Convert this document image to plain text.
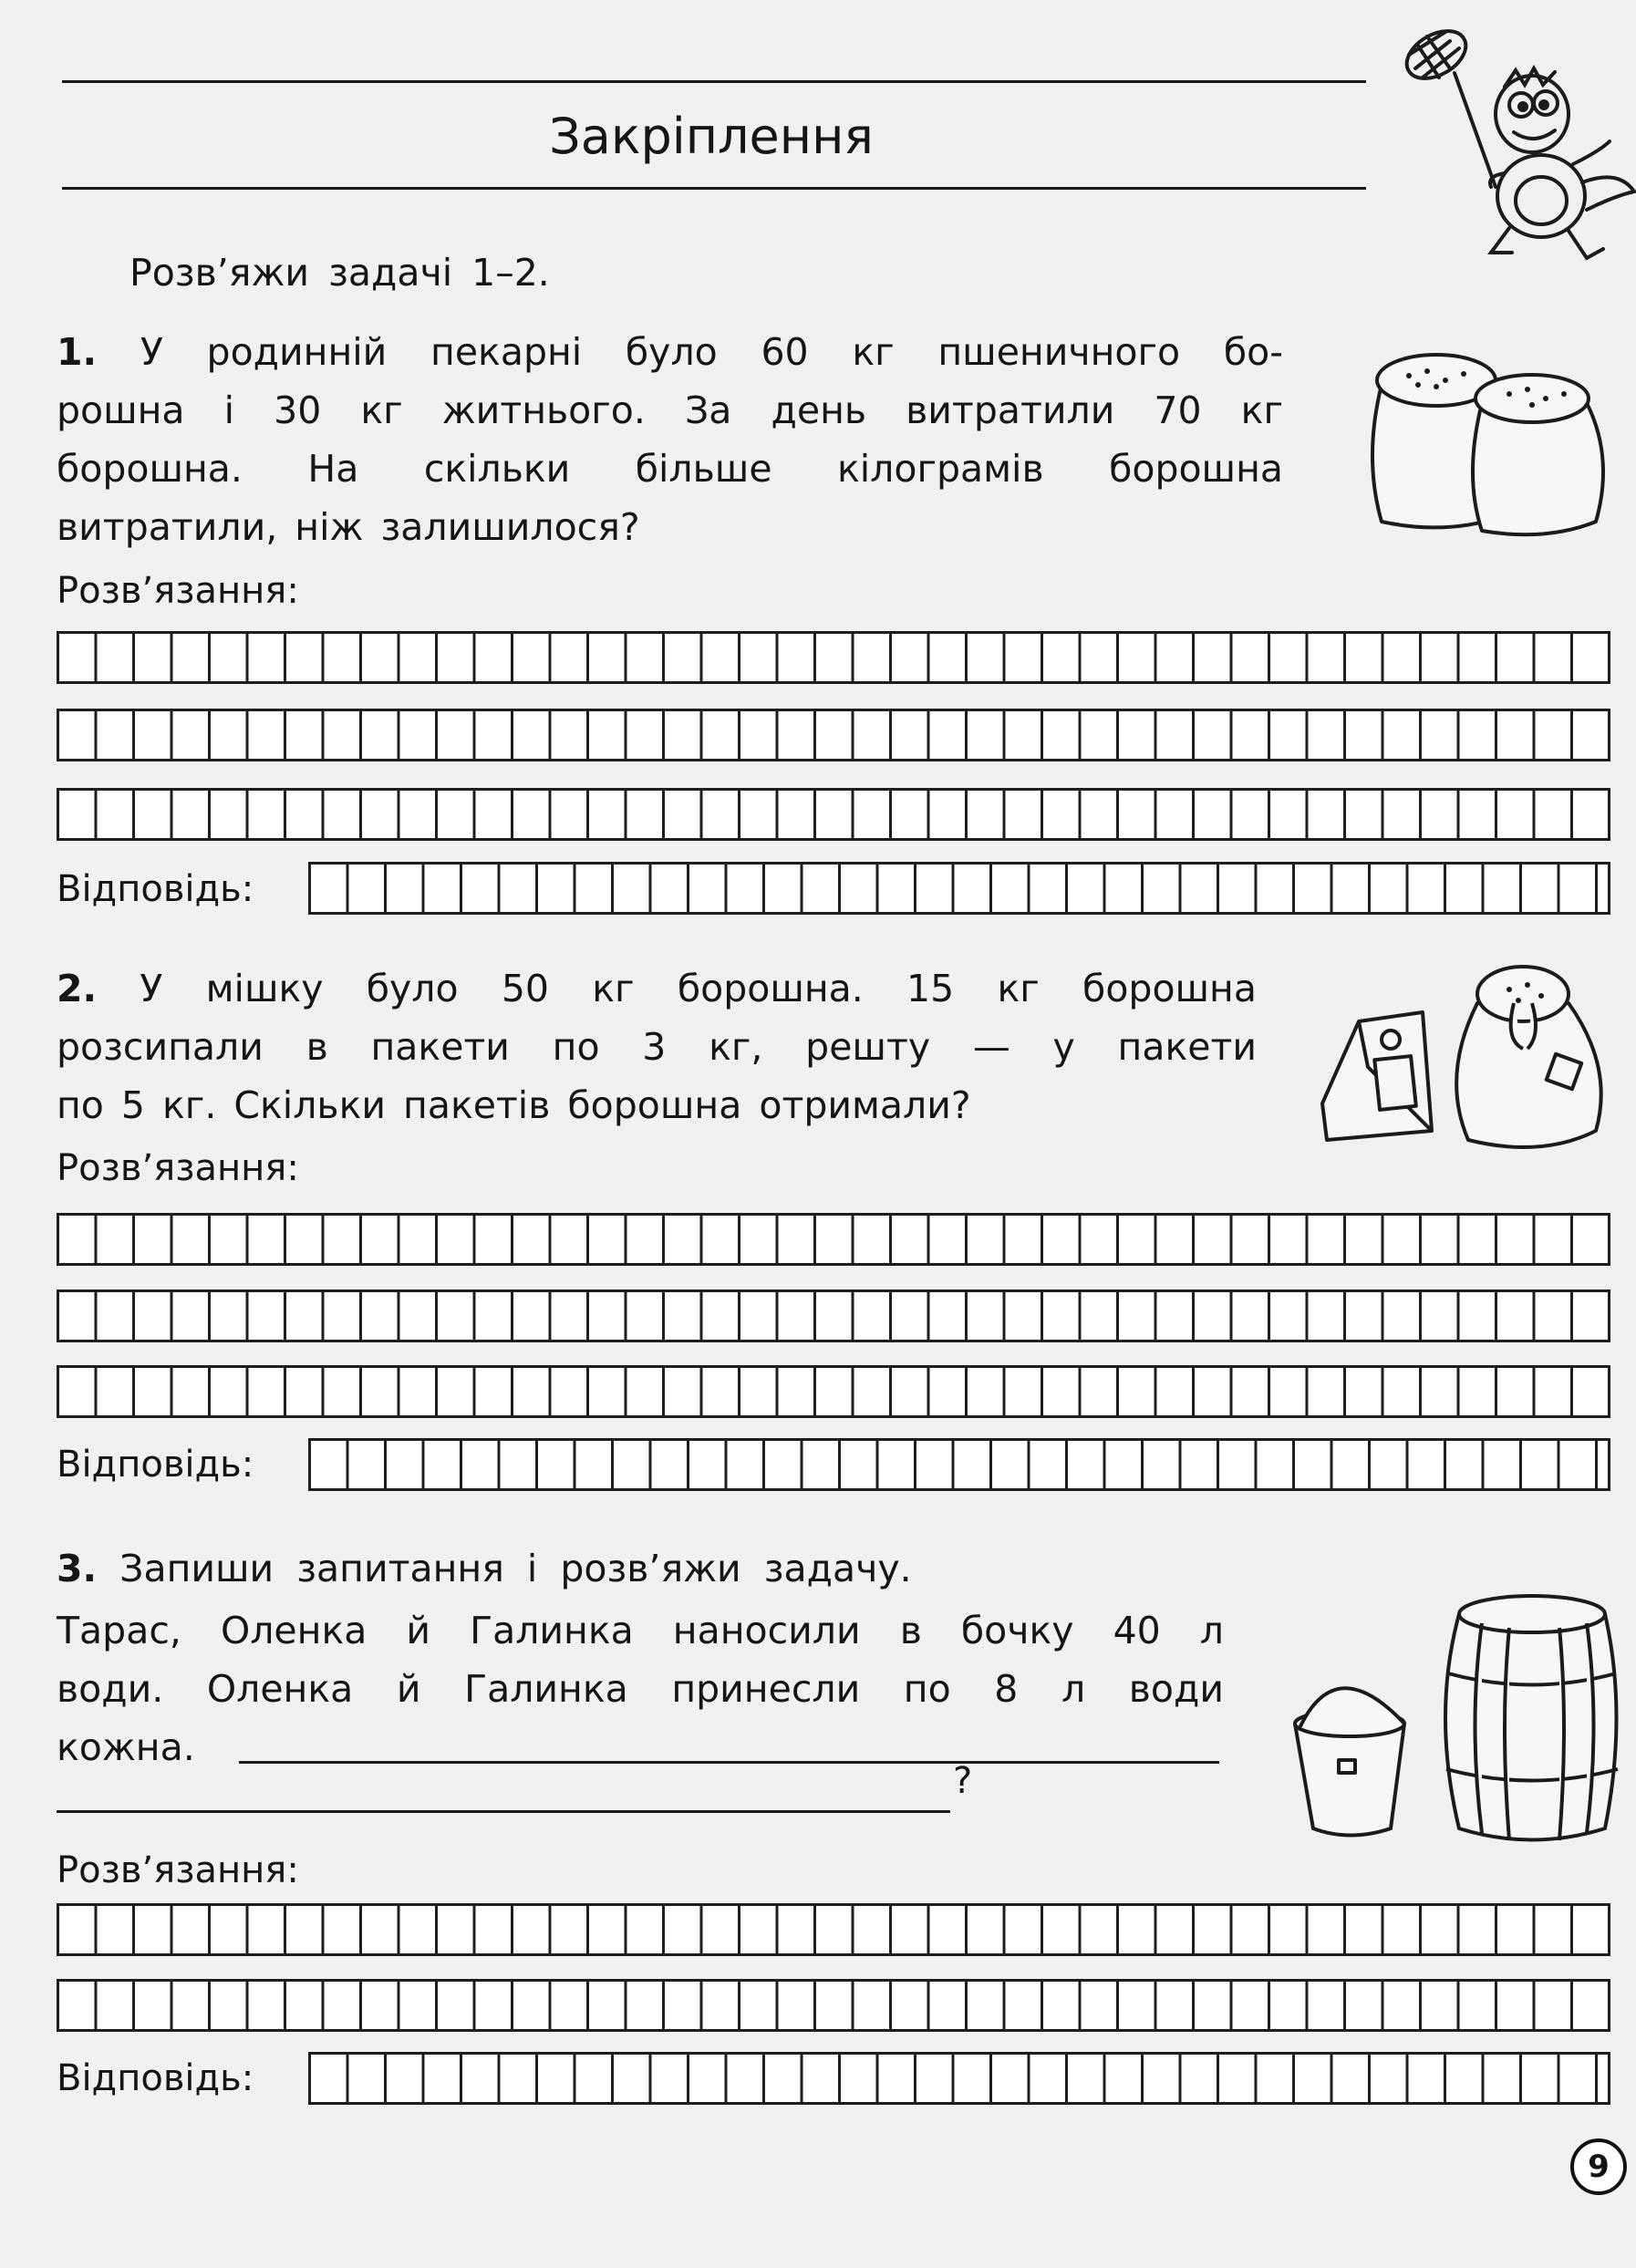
Закріплення
Розв’яжи задачі 1–2.
1. У родинній пекарні було 60 кг пшеничного бо-
рошна і 30 кг житнього. За день витратили 70 кг
борошна. На скільки більше кілограмів борошна
витратили, ніж залишилося?
Розв’язання:
Відповідь:
2. У мішку було 50 кг борошна. 15 кг борошна
розсипали в пакети по 3 кг, решту — у пакети
по 5 кг. Скільки пакетів борошна отримали?
Розв’язання:
Відповідь:
3. Запиши запитання і розв’яжи задачу.
Тарас, Оленка й Галинка наносили в бочку 40 л
води. Оленка й Галинка принесли по 8 л води
кожна.
?
Розв’язання:
Відповідь:
9
